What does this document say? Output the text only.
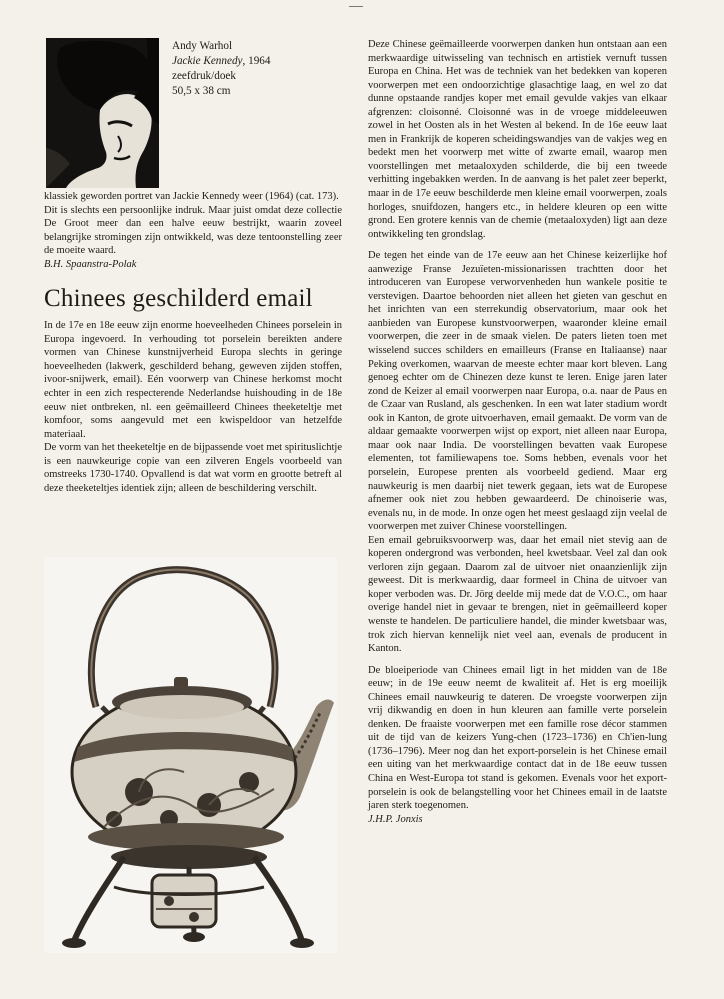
Andy Warhol
Jackie Kennedy, 1964
zeefdruk/doek
50,5 x 38 cm

klassiek geworden portret van Jackie Kennedy weer (1964) (cat. 173).

Dit is slechts een persoonlijke indruk. Maar juist omdat deze collectie De Groot meer dan een halve eeuw bestrijkt, waarin zoveel belangrijke stromingen zijn ontwikkeld, was deze tentoonstelling zeer de moeite waard.

B.H. Spaanstra-Polak

Chinees geschilderd email

In de 17e en 18e eeuw zijn enorme hoeveelheden Chinees porselein in Europa ingevoerd. In verhouding tot porselein bereikten andere vormen van Chinese kunstnijverheid Europa slechts in geringe hoeveelheden (lakwerk, geschilderd behang, geweven zijden stoffen, ivoor-snijwerk, email). Eén voorwerp van Chinese herkomst mocht echter in een zich respecterende Nederlandse huishouding in de 18e eeuw niet ontbreken, nl. een geëmailleerd Chinees theeketeltje met komfoor, soms aangevuld met een kwispeldoor van hetzelfde materiaal.

De vorm van het theeketeltje en de bijpassende voet met spirituslichtje is een nauwkeurige copie van een zilveren Engels voorbeeld van omstreeks 1730-1740. Opvallend is dat wat vorm en grootte betreft al deze theeketeltjes identiek zijn; alleen de beschildering verschilt.

Deze Chinese geëmailleerde voorwerpen danken hun ontstaan aan een merkwaardige uitwisseling van technisch en artistiek vernuft tussen Europa en China. Het was de techniek van het bedekken van koperen voorwerpen met een ondoorzichtige glasachtige laag, en wel zo dat dunne opstaande randjes koper met email gevulde vakjes van elkaar afgrenzen: cloisonné. Cloisonné was in de vroege middeleeuwen zowel in het Oosten als in het Westen al bekend. In de 16e eeuw laat men in Frankrijk de koperen scheidingswandjes van de vakjes weg en bedekt men het voorwerp met witte of zwarte email, waarop men voorstellingen met metaaloxyden schilderde, die bij een tweede verhitting ingebakken werden. In de aanvang is het palet zeer beperkt, maar in de 17e eeuw beschilderde men kleine email voorwerpen, zoals horloges, snuifdozen, hangers etc., in heldere kleuren op een witte grond. Een grotere kennis van de chemie (metaaloxyden) ligt aan deze ontwikkeling ten grondslag.

De tegen het einde van de 17e eeuw aan het Chinese keizerlijke hof aanwezige Franse Jezuïeten-missionarissen trachtten door het introduceren van Europese verworvenheden hun wankele positie te verstevigen. Daartoe behoorden niet alleen het gieten van geschut en het inrichten van een sterrekundig observatorium, maar ook het aanbieden van Europese kunstvoorwerpen, waaronder kleine email voorwerpen, die zeer in de smaak vielen. De paters lieten toen met wisselend succes schilders en emailleurs (Franse en Italiaanse) naar Peking overkomen, waarvan de meeste echter maar kort bleven. Lang genoeg echter om de Chinezen deze kunst te leren. Enige jaren later zond de Keizer al email voorwerpen naar Europa, o.a. naar de Paus en de Czaar van Rusland, als geschenken. In een wat later stadium wordt ook in Kanton, de grote uitvoerhaven, email gemaakt. De vorm van de aldaar gemaakte voorwerpen wijst op export, niet alleen naar Europa, maar ook naar India. De voorstellingen bevatten vaak Europese elementen, tot familiewapens toe. Soms hebben, evenals voor het porselein, Europese prenten als voorbeeld gediend. Maar erg nauwkeurig is men daarbij niet tewerk gegaan, iets wat de Europese afnemer ook niet zou hebben gewaardeerd. De chinoiserie was, evenals nu, in de mode. In onze ogen het meest geslaagd zijn veelal de voorwerpen met zuiver Chinese voorstellingen.

Een email gebruiksvoorwerp was, daar het email niet stevig aan de koperen ondergrond was verbonden, heel kwetsbaar. Veel zal dan ook verloren zijn gegaan. Daarom zal de uitvoer niet onaanzienlijk zijn geweest. Dit is merkwaardig, daar formeel in China de uitvoer van koper verboden was. Dr. Jörg deelde mij mede dat de V.O.C., om haar overige handel niet in gevaar te brengen, niet in geëmailleerd koper wenste te handelen. De particuliere handel, die minder kwetsbaar was, trok zich hiervan kennelijk niet veel aan, evenals de producent in Kanton.

De bloeiperiode van Chinees email ligt in het midden van de 18e eeuw; in de 19e eeuw neemt de kwaliteit af. Het is erg moeilijk Chinees email nauwkeurig te dateren. De vroegste voorwerpen zijn vrij dikwandig en doen in hun kleuren aan famille verte porselein denken. De fraaiste voorwerpen met een famille rose décor stammen uit de tijd van de keizers Yung-chen (1723–1736) en Ch'ien-lung (1736–1796). Meer nog dan het export-porselein is het Chinese email een uiting van het merkwaardige contact dat in de 18e eeuw tussen China en West-Europa tot stand is gekomen. Evenals voor het export-porselein is ook de belangstelling voor het Chinees email in de laatste jaren sterk toegenomen.

J.H.P. Jonxis
